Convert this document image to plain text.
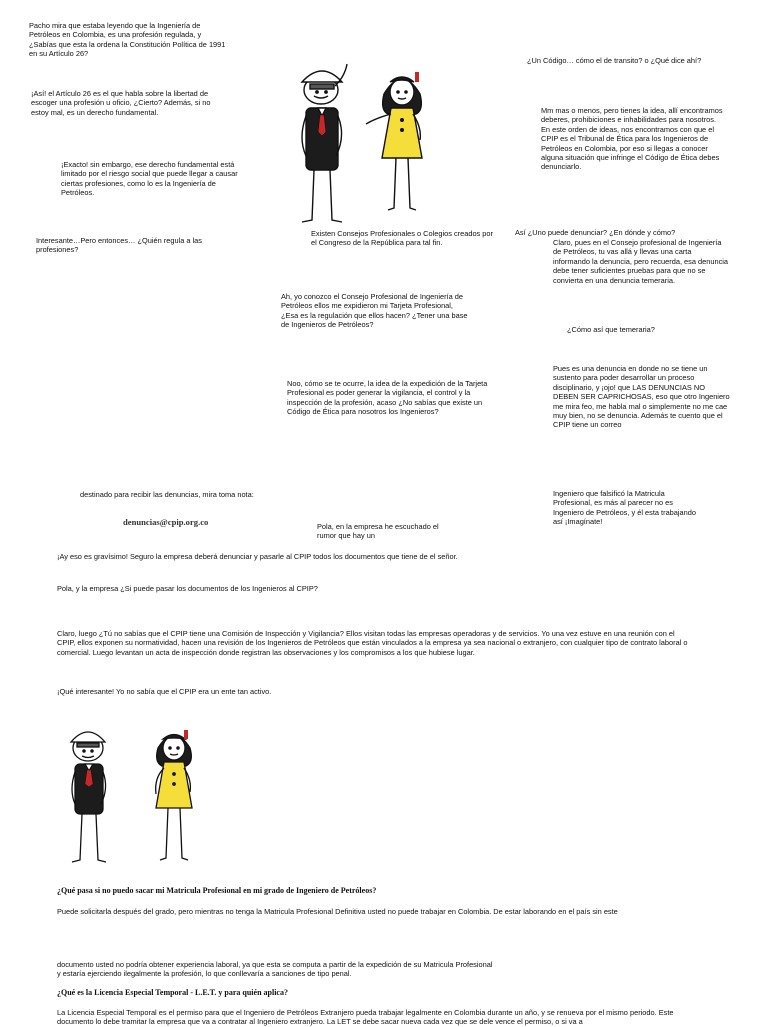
Pacho mira que estaba leyendo que la Ingeniería de Petróleos en Colombia, es una profesión regulada, y ¿Sabías que esta la ordena la Constitución Política de 1991 en su Artículo 26?

¿Un Código… cómo el de transito? o ¿Qué dice ahí?

¡Así! el Artículo 26 es el que habla sobre la libertad de escoger una profesión u oficio, ¿Cierto? Además, si no estoy mal, es un derecho fundamental.	Mm mas o menos, pero tienes la idea, allí encontramos deberes, prohibiciones e inhabilidades para nosotros. En este orden de ideas, nos encontramos con que el CPIP es el Tribunal de Ética para los Ingenieros de Petróleos en Colombia, por eso si llegas a conocer alguna situación que infringe el Código de Ética debes denunciarlo.

¡Exacto! sin embargo, ese derecho fundamental está limitado por el riesgo social que puede llegar a causar ciertas profesiones, como lo es la Ingeniería de Petróleos.

Existen Consejos Profesionales o Colegios creados por el Congreso de la República para tal fin.

Interesante…Pero entonces… ¿Quién regula a las profesiones?

Así ¿Uno puede denunciar? ¿En dónde y cómo?

Claro, pues en el Consejo profesional de Ingeniería de Petróleos, tu vas allá y llevas una carta informando la denuncia, pero recuerda, esa denuncia debe tener suficientes pruebas para que no se convierta en una denuncia temeraria.

Ah, yo conozco el Consejo Profesional de Ingeniería de Petróleos ellos me expidieron mi Tarjeta Profesional, ¿Esa es la regulación que ellos hacen? ¿Tener una base de Ingenieros de Petróleos?

¿Cómo así que temeraria?

Pues es una denuncia en donde no se tiene un sustento para poder desarrollar un proceso disciplinario, y ¡ojo! que LAS DENUNCIAS NO DEBEN SER CAPRICHOSAS, eso que otro Ingeniero me mira feo, me habla mal o simplemente no me cae muy bien, no se denuncia. Además te cuento que el CPIP tiene un correo

Noo, cómo se te ocurre, la idea de la expedición de la Tarjeta Profesional es poder generar la vigilancia, el control y la inspección de la profesión, acaso ¿No sabías que existe un Código de Ética para nosotros los Ingenieros?

destinado para recibir las denuncias, mira toma nota:	Ingeniero que falsificó la Matricula Profesional, es más al parecer no es Ingeniero de Petróleos, y él esta trabajando así ¡Imagínate!

denuncias@cpip.org.co	Pola, en la empresa he escuchado el rumor que hay un

¡Ay eso es gravísimo! Seguro la empresa deberá denunciar y pasarle al CPIP todos los documentos que tiene de el señor.

Pola, y la empresa ¿Si puede pasar los documentos de los Ingenieros al CPIP?

Claro, luego ¿Tú no sabías que el CPIP tiene una Comisión de Inspección y Vigilancia? Ellos visitan todas las empresas operadoras y de servicios. Yo una vez estuve en una reunión con el CPIP, ellos exponen su normatividad, hacen una revisión de los Ingenieros de Petróleos que están vinculados a la empresa ya sea nacional o extranjero, con cualquier tipo de contrato laboral o comercial. Luego levantan un acta de inspección donde registran las observaciones y los compromisos a los que hubiese lugar.

¡Qué interesante! Yo no sabía que el CPIP era un ente tan activo.

¿Qué pasa si no puedo sacar mi Matricula Profesional en mi grado de Ingeniero de Petróleos?

Puede solicitarla después del grado, pero mientras no tenga la Matricula Profesional Definitiva usted no puede trabajar en Colombia. De estar laborando en el país sin este

documento usted no podría obtener experiencia laboral, ya que esta se computa a partir de la expedición de su Matricula Profesional y estaría ejerciendo ilegalmente la profesión, lo que conllevaría a sanciones de tipo penal.

¿Qué es la Licencia Especial Temporal - L.E.T. y para quién aplica?

La Licencia Especial Temporal es el permiso para que el Ingeniero de Petróleos Extranjero pueda trabajar legalmente en Colombia durante un año, y se renueva por el mismo periodo. Este documento lo debe tramitar la empresa que va a contratar al Ingeniero extranjero. La LET se debe sacar nueva cada vez que se dele vence el permiso, o si va a
